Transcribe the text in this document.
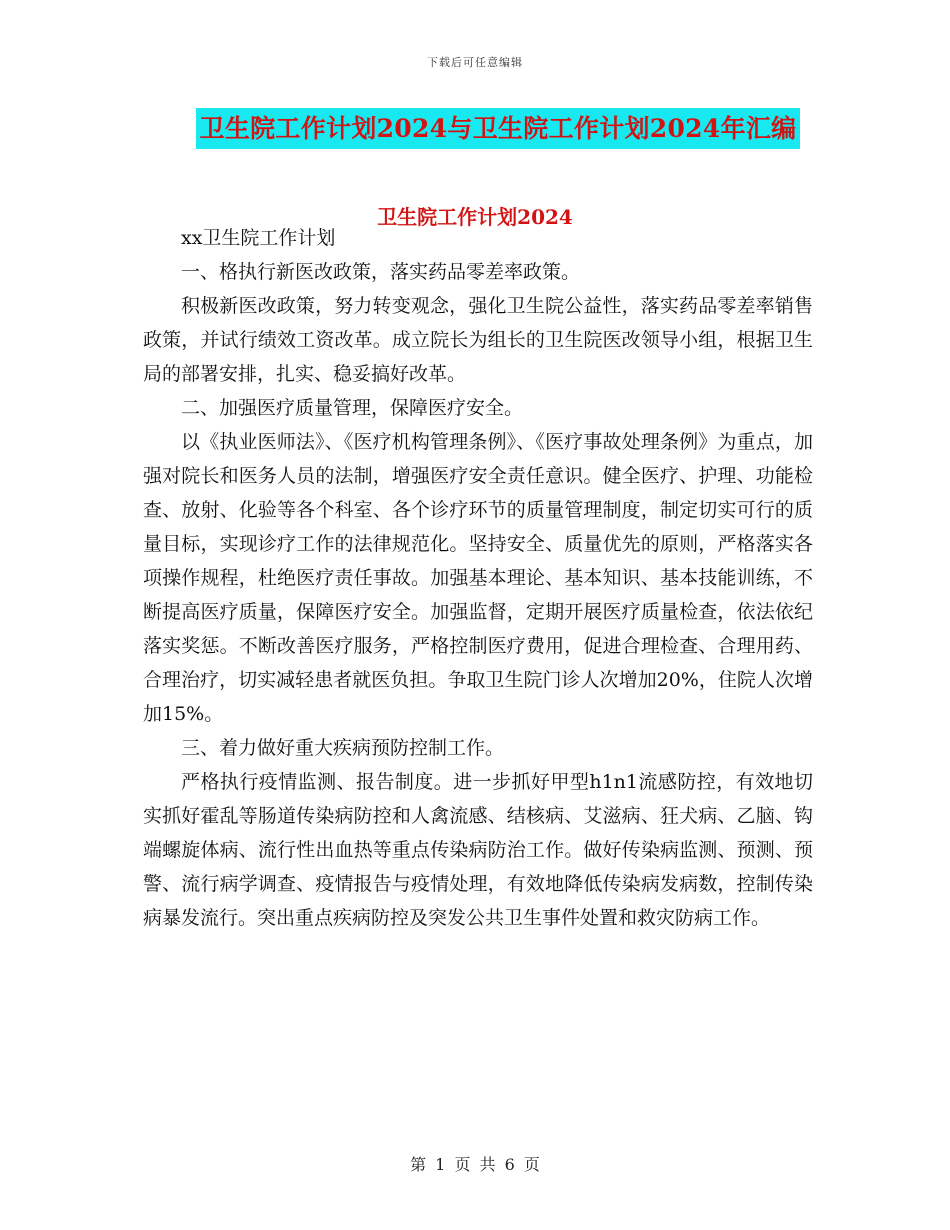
下载后可任意编辑
卫生院工作计划2024与卫生院工作计划2024年汇编
卫生院工作计划2024

xx卫生院工作计划

一、格执行新医改政策，落实药品零差率政策。

积极新医改政策，努力转变观念，强化卫生院公益性，落实药品零差率销售政策，并试行绩效工资改革。成立院长为组长的卫生院医改领导小组，根据卫生局的部署安排，扎实、稳妥搞好改革。

二、加强医疗质量管理，保障医疗安全。

以《执业医师法》、《医疗机构管理条例》、《医疗事故处理条例》为重点，加强对院长和医务人员的法制，增强医疗安全责任意识。健全医疗、护理、功能检查、放射、化验等各个科室、各个诊疗环节的质量管理制度，制定切实可行的质量目标，实现诊疗工作的法律规范化。坚持安全、质量优先的原则，严格落实各项操作规程，杜绝医疗责任事故。加强基本理论、基本知识、基本技能训练，不断提高医疗质量，保障医疗安全。加强监督，定期开展医疗质量检查，依法依纪落实奖惩。不断改善医疗服务，严格控制医疗费用，促进合理检查、合理用药、合理治疗，切实减轻患者就医负担。争取卫生院门诊人次增加20%，住院人次增加15%。

三、着力做好重大疾病预防控制工作。

严格执行疫情监测、报告制度。进一步抓好甲型h1n1流感防控，有效地切实抓好霍乱等肠道传染病防控和人禽流感、结核病、艾滋病、狂犬病、乙脑、钩端螺旋体病、流行性出血热等重点传染病防治工作。做好传染病监测、预测、预警、流行病学调查、疫情报告与疫情处理，有效地降低传染病发病数，控制传染病暴发流行。突出重点疾病防控及突发公共卫生事件处置和救灾防病工作。

第 1 页 共 6 页
